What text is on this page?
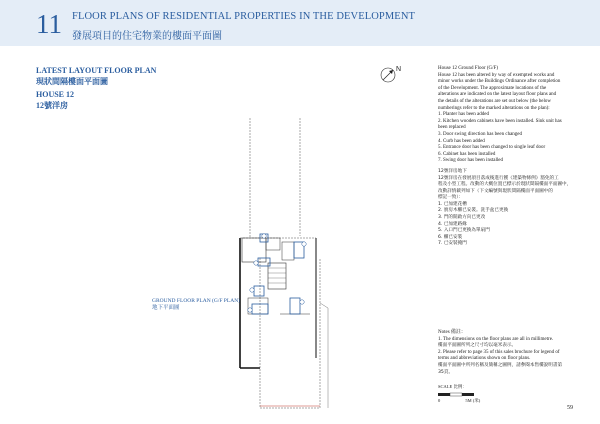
11 FLOOR PLANS OF RESIDENTIAL PROPERTIES IN THE DEVELOPMENT
發展項目的住宅物業的樓面平面圖
LATEST LAYOUT FLOOR PLAN
現狀間隔樓面平面圖
HOUSE 12
12號洋房
N
GROUND FLOOR PLAN (G/F PLAN)
地下平面圖
House 12 Ground Floor (G/F)
House 12 has been altered by way of exempted works and
minor works under the Buildings Ordinance after completion
of the Development. The approximate locations of the
alterations are indicated on the latest layout floor plans and
the details of the alterations are set out below (the below
numberings refer to the marked alterations on the plan):
1. Planter has been added
2. Kitchen wooden cabinets have been installed. Sink unit has
been replaced
3. Door swing direction has been changed
4. Curb has been added
5. Entrance door has been changed to single leaf door
6. Cabinet has been installed
7. Swing door has been installed
12號洋房地下
12號洋房在發展項目落成後進行獲《建築物條例》豁免的工
程及小型工程。改動的大概位置已標示於現狀間隔樓面平面圖中，
改動詳情載列如下（下文編號與現狀間隔樓面平面圖中的
標記一致）：
1. 已加建花槽
2. 廚房木櫃已安裝。洗手盆已更換
3. 門的開啟方向已更改
4. 已加建路緣
5. 入口門已更換為單扇門
6. 櫃已安裝
7. 已安裝掩門
Notes 備註：
1. The dimensions on the floor plans are all in millimetre.
樓面平面圖所列之尺寸均以毫米表示。
2. Please refer to page 35 of this sales brochure for legend of
terms and abbreviations shown on floor plans.
樓面平面圖中所列名稱及簡稱之圖例，請參閱本售樓說明書第
35頁。
SCALE 比例：
0	5M (米)
59
